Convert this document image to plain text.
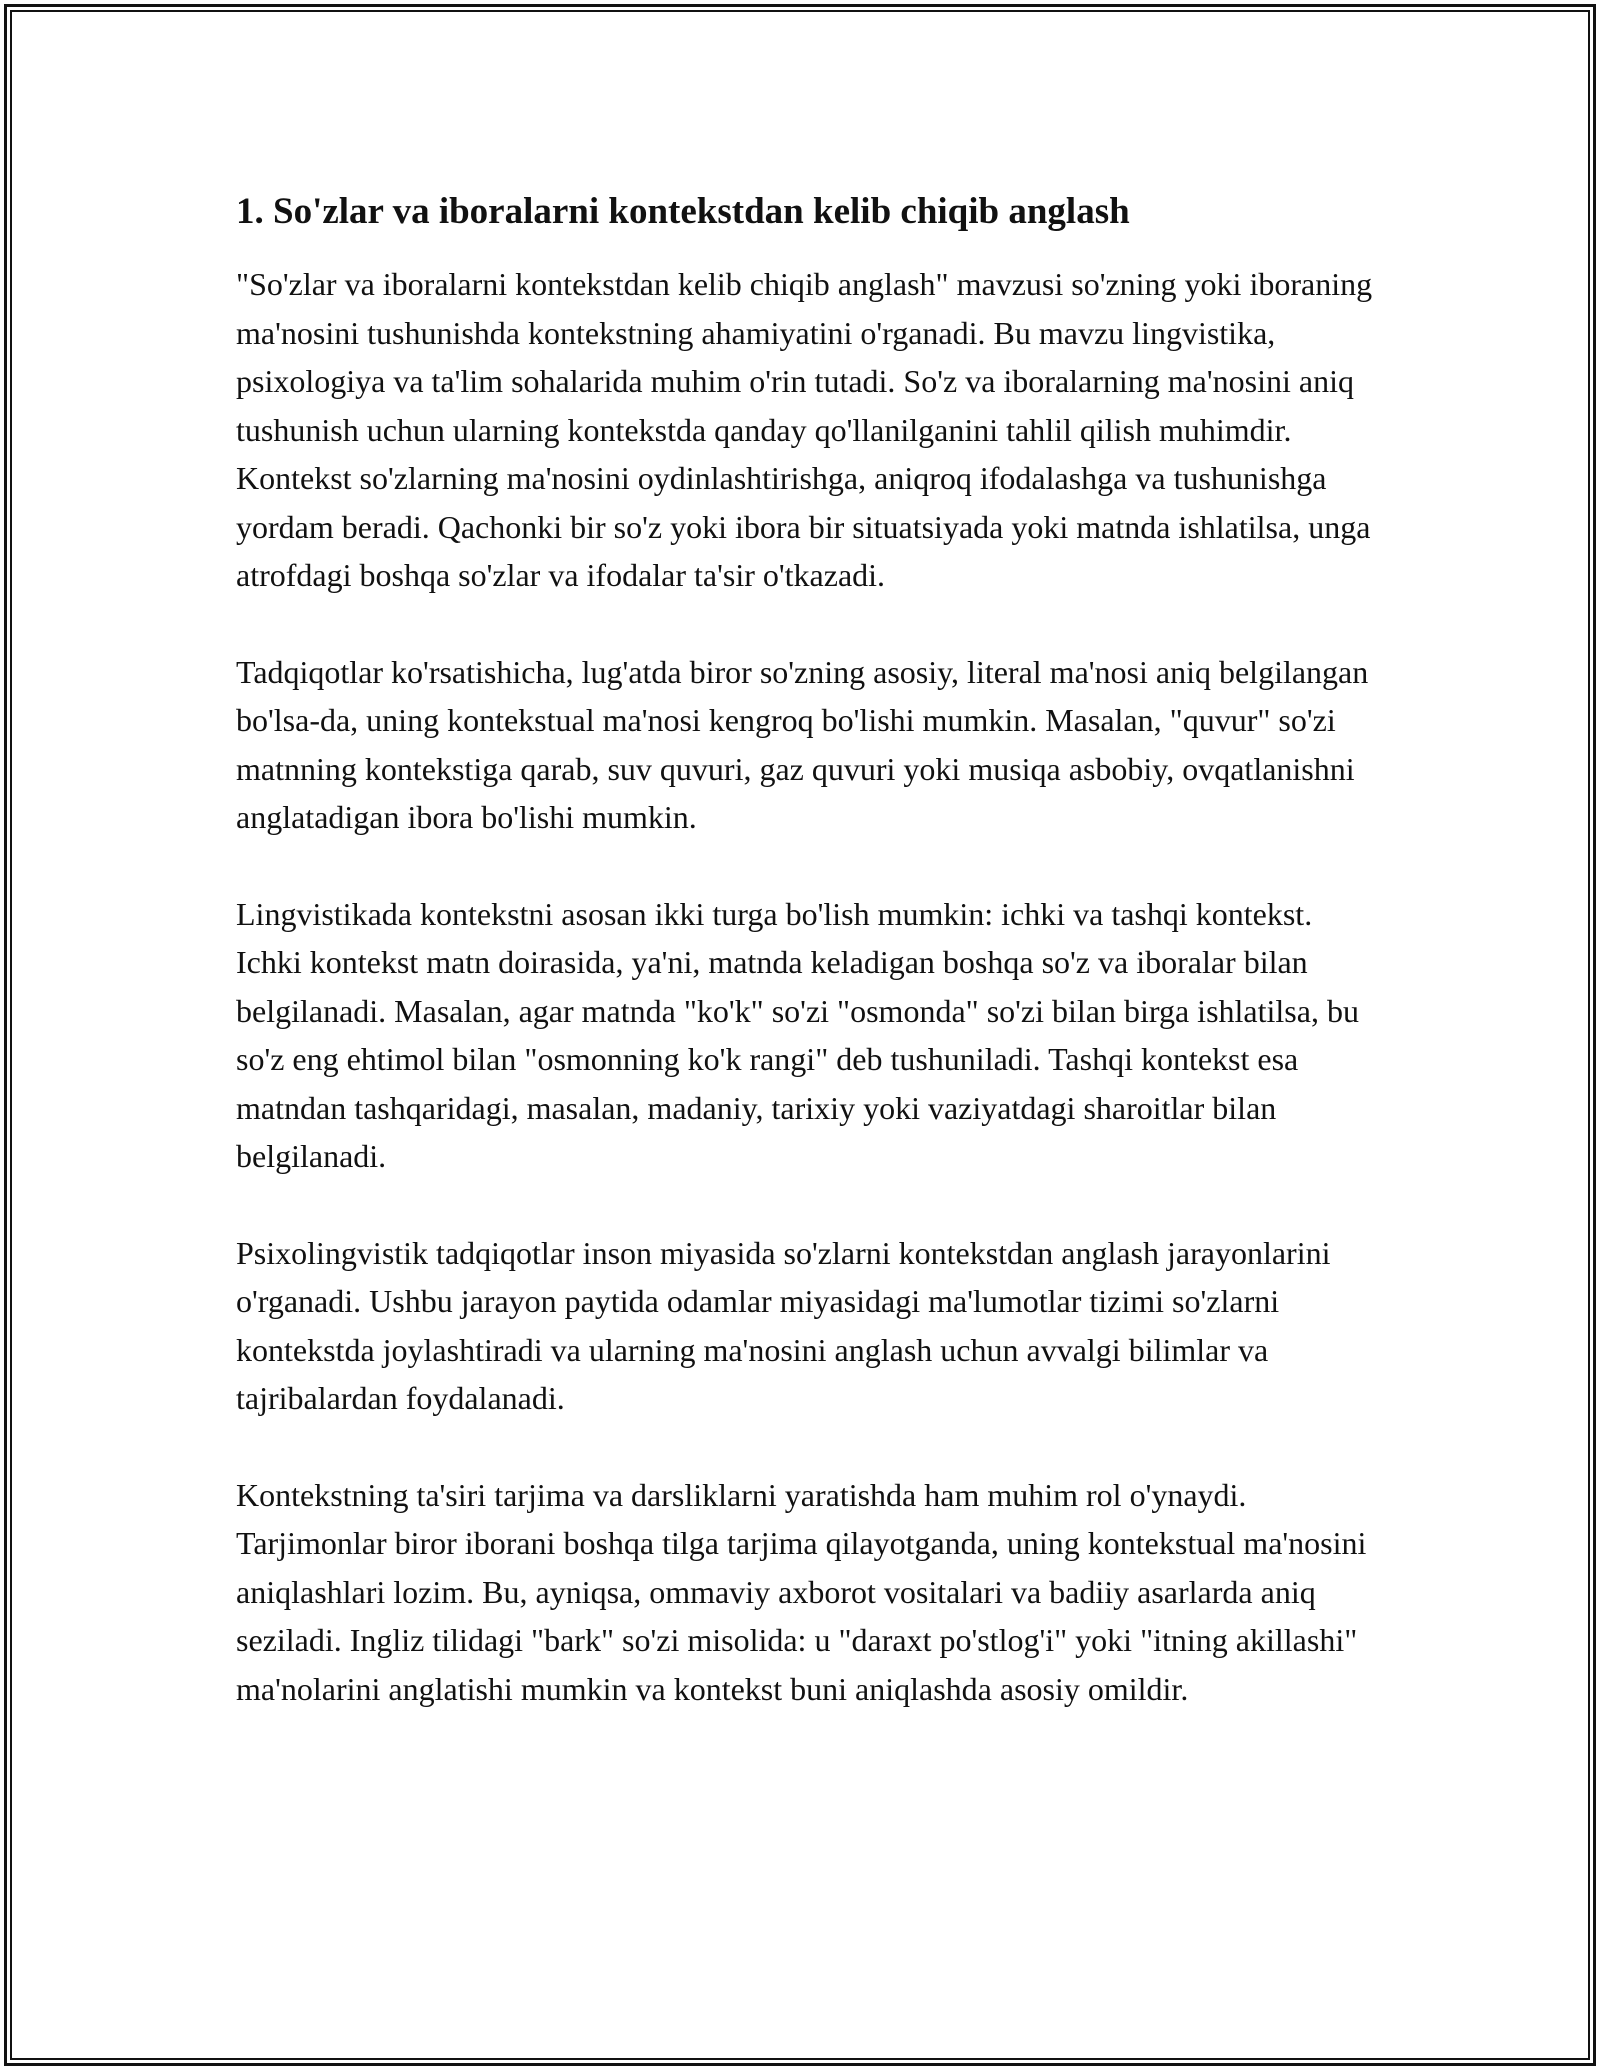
1. So'zlar va iboralarni kontekstdan kelib chiqib anglash

"So'zlar va iboralarni kontekstdan kelib chiqib anglash" mavzusi so'zning yoki iboraning ma'nosini tushunishda kontekstning ahamiyatini o'rganadi. Bu mavzu lingvistika, psixologiya va ta'lim sohalarida muhim o'rin tutadi. So'z va iboralarning ma'nosini aniq tushunish uchun ularning kontekstda qanday qo'llanilganini tahlil qilish muhimdir. Kontekst so'zlarning ma'nosini oydinlashtirishga, aniqroq ifodalashga va tushunishga yordam beradi. Qachonki bir so'z yoki ibora bir situatsiyada yoki matnda ishlatilsa, unga atrofdagi boshqa so'zlar va ifodalar ta'sir o'tkazadi.

Tadqiqotlar ko'rsatishicha, lug'atda biror so'zning asosiy, literal ma'nosi aniq belgilangan bo'lsa-da, uning kontekstual ma'nosi kengroq bo'lishi mumkin. Masalan, "quvur" so'zi matnning kontekstiga qarab, suv quvuri, gaz quvuri yoki musiqa asbobiy, ovqatlanishni anglatadigan ibora bo'lishi mumkin.

Lingvistikada kontekstni asosan ikki turga bo'lish mumkin: ichki va tashqi kontekst. Ichki kontekst matn doirasida, ya'ni, matnda keladigan boshqa so'z va iboralar bilan belgilanadi. Masalan, agar matnda "ko'k" so'zi "osmonda" so'zi bilan birga ishlatilsa, bu so'z eng ehtimol bilan "osmonning ko'k rangi" deb tushuniladi. Tashqi kontekst esa matndan tashqaridagi, masalan, madaniy, tarixiy yoki vaziyatdagi sharoitlar bilan belgilanadi.

Psixolingvistik tadqiqotlar inson miyasida so'zlarni kontekstdan anglash jarayonlarini o'rganadi. Ushbu jarayon paytida odamlar miyasidagi ma'lumotlar tizimi so'zlarni kontekstda joylashtiradi va ularning ma'nosini anglash uchun avvalgi bilimlar va tajribalardan foydalanadi.

Kontekstning ta'siri tarjima va darsliklarni yaratishda ham muhim rol o'ynaydi. Tarjimonlar biror iborani boshqa tilga tarjima qilayotganda, uning kontekstual ma'nosini aniqlashlari lozim. Bu, ayniqsa, ommaviy axborot vositalari va badiiy asarlarda aniq seziladi. Ingliz tilidagi "bark" so'zi misolida: u "daraxt po'stlog'i" yoki "itning akillashi" ma'nolarini anglatishi mumkin va kontekst buni aniqlashda asosiy omildir.
